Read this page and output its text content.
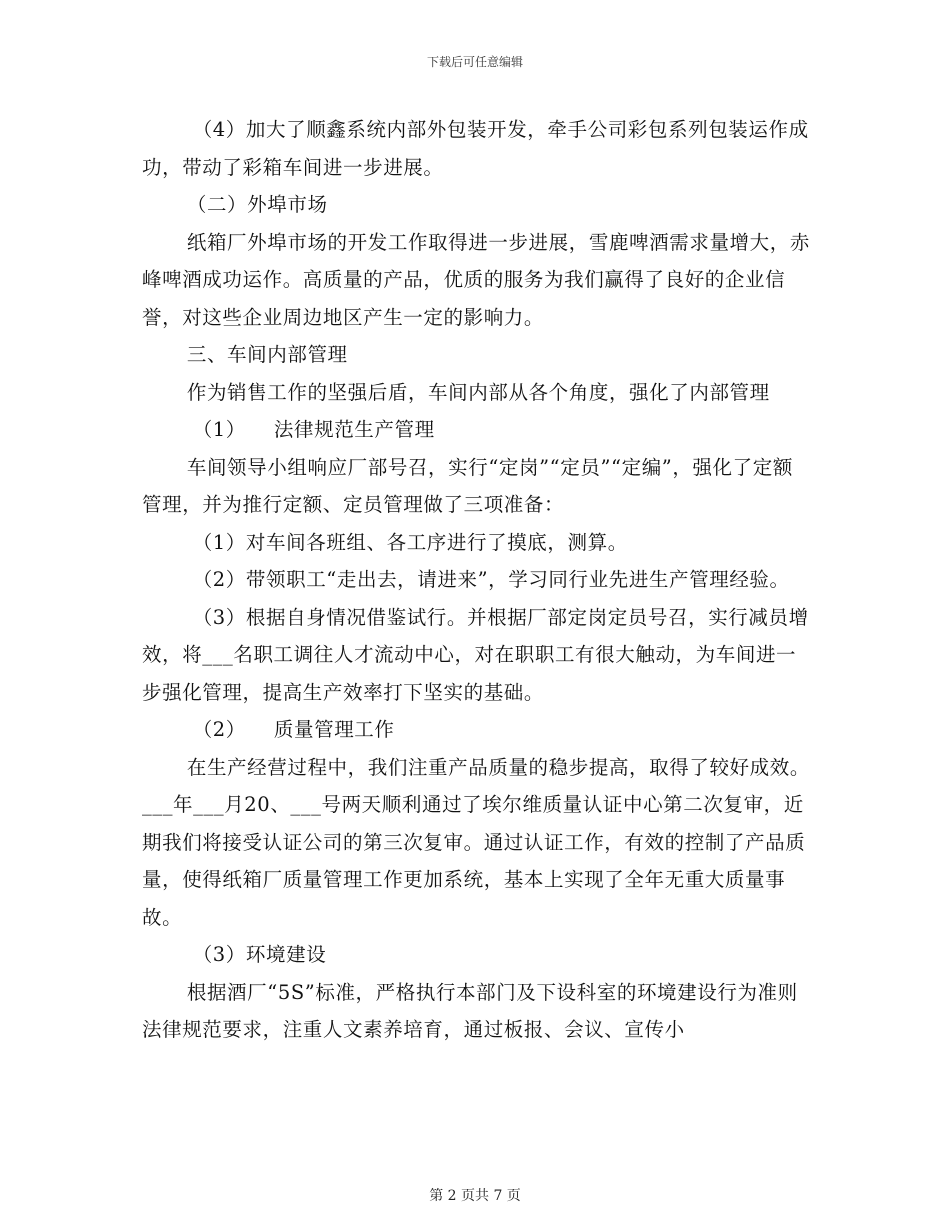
下载后可任意编辑

（4）加大了顺鑫系统内部外包装开发，牵手公司彩包系列包装运作成功，带动了彩箱车间进一步进展。

（二）外埠市场

纸箱厂外埠市场的开发工作取得进一步进展，雪鹿啤酒需求量增大，赤峰啤酒成功运作。高质量的产品，优质的服务为我们赢得了良好的企业信誉，对这些企业周边地区产生一定的影响力。

三、车间内部管理

作为销售工作的坚强后盾，车间内部从各个角度，强化了内部管理

（1） 法律规范生产管理

车间领导小组响应厂部号召，实行“定岗”“定员”“定编”，强化了定额管理，并为推行定额、定员管理做了三项准备：

（1）对车间各班组、各工序进行了摸底，测算。

（2）带领职工“走出去，请进来”，学习同行业先进生产管理经验。

（3）根据自身情况借鉴试行。并根据厂部定岗定员号召，实行减员增效，将___名职工调往人才流动中心，对在职职工有很大触动，为车间进一步强化管理，提高生产效率打下坚实的基础。

（2） 质量管理工作

在生产经营过程中，我们注重产品质量的稳步提高，取得了较好成效。___年___月20、___号两天顺利通过了埃尔维质量认证中心第二次复审，近期我们将接受认证公司的第三次复审。通过认证工作，有效的控制了产品质量，使得纸箱厂质量管理工作更加系统，基本上实现了全年无重大质量事故。

（3）环境建设

根据酒厂“5S”标准，严格执行本部门及下设科室的环境建设行为准则法律规范要求，注重人文素养培育，通过板报、会议、宣传小

第 2 页共 7 页
